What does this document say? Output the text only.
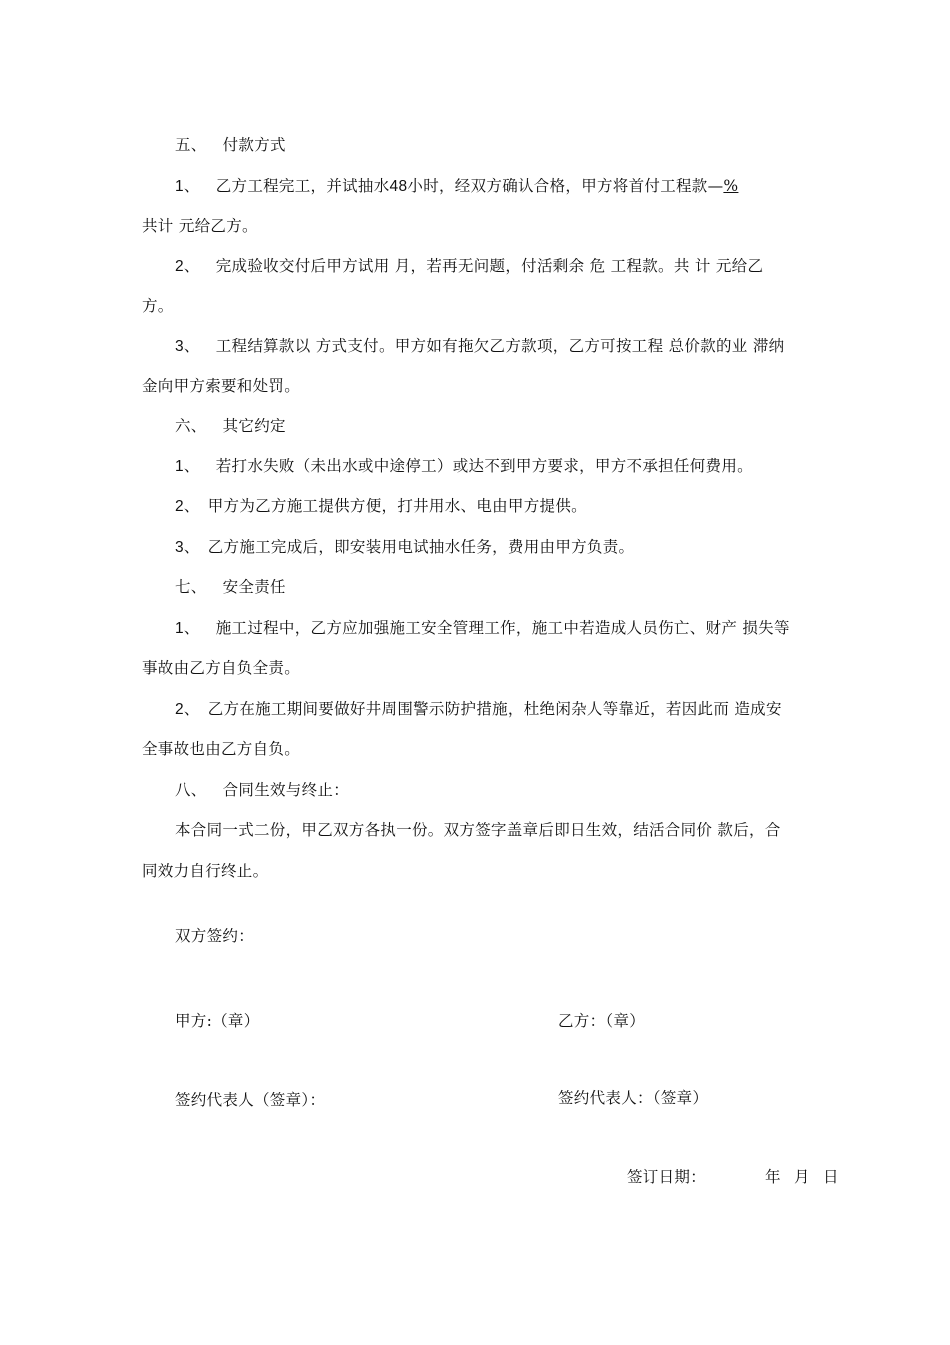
五、 付款方式
1、 乙方工程完工，并试抽水48小时，经双方确认合格，甲方将首付工程款—%
共计 元给乙方。
2、 完成验收交付后甲方试用 月，若再无问题，付活剩余 危 工程款。共 计 元给乙
方。
3、 工程结算款以 方式支付。甲方如有拖欠乙方款项，乙方可按工程 总价款的业 滞纳
金向甲方索要和处罚。
六、 其它约定
1、 若打水失败（未出水或中途停工）或达不到甲方要求，甲方不承担任何费用。
2、 甲方为乙方施工提供方便，打井用水、电由甲方提供。
3、 乙方施工完成后，即安装用电试抽水任务，费用由甲方负责。
七、 安全责任
1、 施工过程中，乙方应加强施工安全管理工作，施工中若造成人员伤亡、财产 损失等
事故由乙方自负全责。
2、 乙方在施工期间要做好井周围警示防护措施，杜绝闲杂人等靠近，若因此而 造成安
全事故也由乙方自负。
八、 合同生效与终止：
本合同一式二份，甲乙双方各执一份。双方签字盖章后即日生效，结活合同价 款后，合
同效力自行终止。
双方签约：
甲方:（章）	乙方：（章）
签约代表人（签章）：	签约代表人：（签章）
签订日期：	年 月 日
